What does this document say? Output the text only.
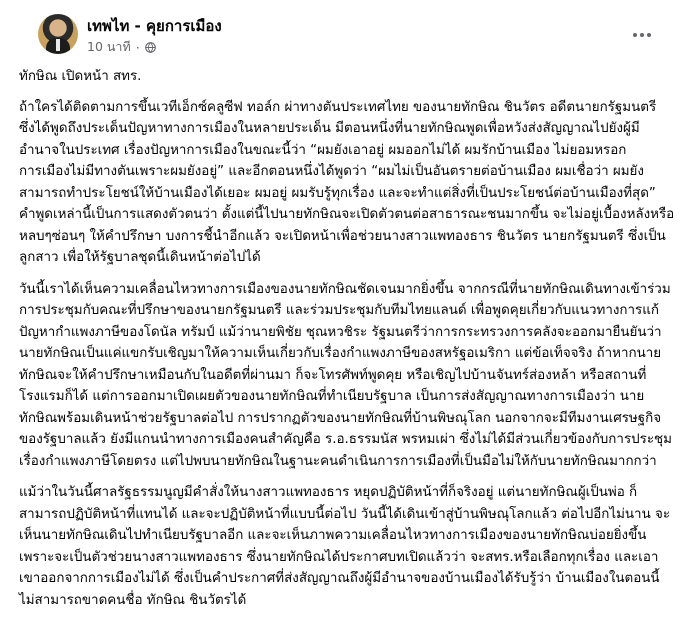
เทพไท - คุยการเมือง
10 นาที ·

ทักษิณ เปิดหน้า สทร.

ถ้าใครได้ติดตามการขึ้นเวทีเอ็กซ์คลูซีฟ ทอล์ก ผ่าทางตันประเทศไทย ของนายทักษิณ ชินวัตร อดีตนายกรัฐมนตรี ซึ่งได้พูดถึงประเด็นปัญหาทางการเมืองในหลายประเด็น มีตอนหนึ่งที่นายทักษิณพูดเพื่อหวังส่งสัญญาณไปยังผู้มีอำนาจในประเทศ เรื่องปัญหาการเมืองในขณะนี้ว่า “ผมยังเอาอยู่ ผมออกไม่ได้ ผมรักบ้านเมือง ไม่ยอมหรอก การเมืองไม่มีทางตันเพราะผมยังอยู่” และอีกตอนหนึ่งได้พูดว่า “ผมไม่เป็นอันตรายต่อบ้านเมือง ผมเชื่อว่า ผมยังสามารถทำประโยชน์ให้บ้านเมืองได้เยอะ ผมอยู่ ผมรับรู้ทุกเรื่อง และจะทำแต่สิ่งที่เป็นประโยชน์ต่อบ้านเมืองที่สุด” คำพูดเหล่านี้เป็นการแสดงตัวตนว่า ตั้งแต่นี้ไปนายทักษิณจะเปิดตัวตนต่อสาธารณะชนมากขึ้น จะไม่อยู่เบื้องหลังหรือหลบๆซ่อนๆ ให้คำปรึกษา บงการชี้นำอีกแล้ว จะเปิดหน้าเพื่อช่วยนางสาวแพทองธาร ชินวัตร นายกรัฐมนตรี ซึ่งเป็นลูกสาว เพื่อให้รัฐบาลชุดนี้เดินหน้าต่อไปได้

วันนี้เราได้เห็นความเคลื่อนไหวทางการเมืองของนายทักษิณชัดเจนมากยิ่งขึ้น จากกรณีที่นายทักษิณเดินทางเข้าร่วมการประชุมกับคณะที่ปรึกษาของนายกรัฐมนตรี และร่วมประชุมกับทีมไทยแลนด์ เพื่อพูดคุยเกี่ยวกับแนวทางการแก้ปัญหากำแพงภาษีของโดนัล ทรัมป์ แม้ว่านายพิชัย ชุณหวชิระ รัฐมนตรีว่าการกระทรวงการคลังจะออกมายืนยันว่า นายทักษิณเป็นแค่แขกรับเชิญมาให้ความเห็นเกี่ยวกับเรื่องกำแพงภาษีของสหรัฐอเมริกา แต่ข้อเท็จจริง ถ้าหากนายทักษิณจะให้คำปรึกษาเหมือนกับในอดีตที่ผ่านมา ก็จะโทรศัพท์พูดคุย หรือเชิญไปบ้านจันทร์ส่องหล้า หรือสถานที่โรงแรมก็ได้ แต่การออกมาเปิดเผยตัวของนายทักษิณที่ทำเนียบรัฐบาล เป็นการส่งสัญญาณทางการเมืองว่า นายทักษิณพร้อมเดินหน้าช่วยรัฐบาลต่อไป การปรากฏตัวของนายทักษิณที่บ้านพิษณุโลก นอกจากจะมีทีมงานเศรษฐกิจของรัฐบาลแล้ว ยังมีแกนนำทางการเมืองคนสำคัญคือ ร.อ.ธรรมนัส พรหมเผ่า ซึ่งไม่ได้มีส่วนเกี่ยวข้องกับการประชุมเรื่องกำแพงภาษีโดยตรง แต่ไปพบนายทักษิณในฐานะคนดำเนินการการเมืองที่เป็นมือไม่ให้กับนายทักษิณมากกว่า

แม้ว่าในวันนี้ศาลรัฐธรรมนูญมีคำสั่งให้นางสาวแพทองธาร หยุดปฏิบัติหน้าที่ก็จริงอยู่ แต่นายทักษิณผู้เป็นพ่อ ก็สามารถปฏิบัติหน้าที่แทนได้ และจะปฏิบัติหน้าที่แบบนี้ต่อไป วันนี้ได้เดินเข้าสู่บ้านพิษณุโลกแล้ว ต่อไปอีกไม่นาน จะเห็นนายทักษิณเดินไปทำเนียบรัฐบาลอีก และจะเห็นภาพความเคลื่อนไหวทางการเมืองของนายทักษิณบ่อยยิ่งขึ้น เพราะจะเป็นตัวช่วยนางสาวแพทองธาร ซึ่งนายทักษิณได้ประกาศบทเปิดแล้วว่า จะสทร.หรือเลือกทุกเรื่อง และเอาเขาออกจากการเมืองไม่ได้ ซึ่งเป็นคำประกาศที่ส่งสัญญาณถึงผู้มีอำนาจของบ้านเมืองได้รับรู้ว่า บ้านเมืองในตอนนี้ไม่สามารถขาดคนชื่อ ทักษิณ ชินวัตรได้
